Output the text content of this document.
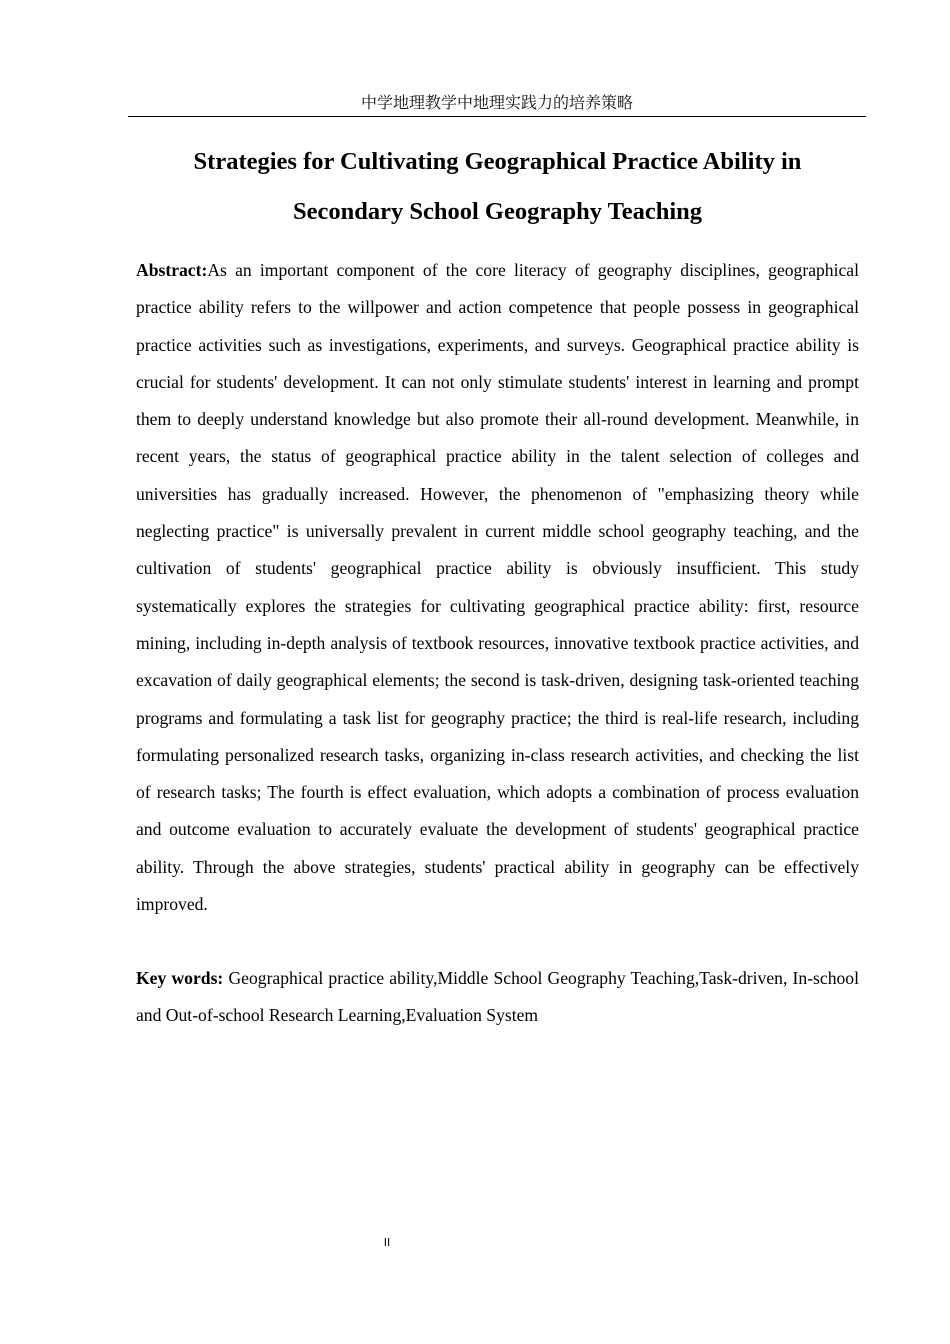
中学地理教学中地理实践力的培养策略
Strategies for Cultivating Geographical Practice Ability in
Secondary School Geography Teaching

Abstract:As an important component of the core literacy of geography disciplines, geographical practice ability refers to the willpower and action competence that people possess in geographical practice activities such as investigations, experiments, and surveys. Geographical practice ability is crucial for students' development. It can not only stimulate students' interest in learning and prompt them to deeply understand knowledge but also promote their all-round development. Meanwhile, in recent years, the status of geographical practice ability in the talent selection of colleges and universities has gradually increased. However, the phenomenon of "emphasizing theory while neglecting practice" is universally prevalent in current middle school geography teaching, and the cultivation of students' geographical practice ability is obviously insufficient. This study systematically explores the strategies for cultivating geographical practice ability: first, resource mining, including in-depth analysis of textbook resources, innovative textbook practice activities, and excavation of daily geographical elements; the second is task-driven, designing task-oriented teaching programs and formulating a task list for geography practice; the third is real-life research, including formulating personalized research tasks, organizing in-class research activities, and checking the list of research tasks; The fourth is effect evaluation, which adopts a combination of process evaluation and outcome evaluation to accurately evaluate the development of students' geographical practice ability. Through the above strategies, students' practical ability in geography can be effectively improved.

Key words: Geographical practice ability,Middle School Geography Teaching,Task-driven, In-school and Out-of-school Research Learning,Evaluation System

II
